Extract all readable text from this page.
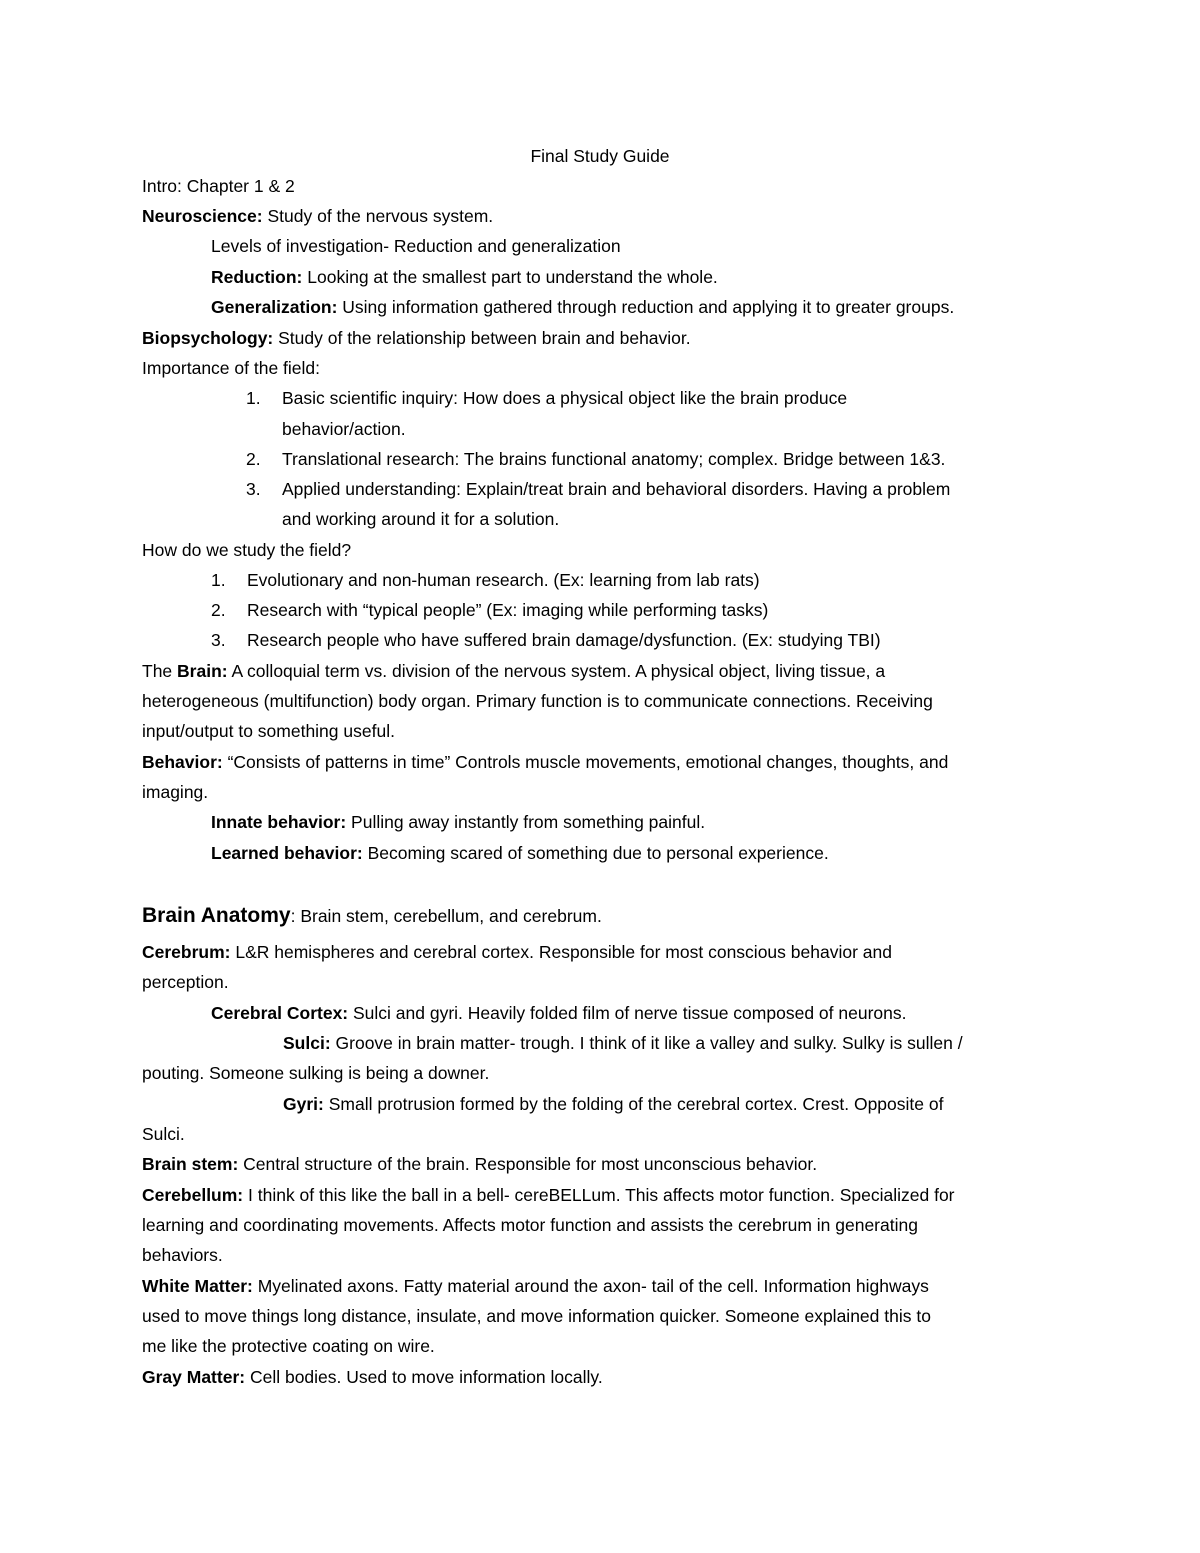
Final Study Guide
Intro: Chapter 1 & 2
Neuroscience: Study of the nervous system.
Levels of investigation- Reduction and generalization
Reduction: Looking at the smallest part to understand the whole.
Generalization: Using information gathered through reduction and applying it to greater groups.
Biopsychology: Study of the relationship between brain and behavior.
Importance of the field:
1. Basic scientific inquiry: How does a physical object like the brain produce
behavior/action.
2. Translational research: The brains functional anatomy; complex. Bridge between 1&3.
3. Applied understanding: Explain/treat brain and behavioral disorders. Having a problem
and working around it for a solution.
How do we study the field?
1. Evolutionary and non-human research. (Ex: learning from lab rats)
2. Research with “typical people” (Ex: imaging while performing tasks)
3. Research people who have suffered brain damage/dysfunction. (Ex: studying TBI)
The Brain: A colloquial term vs. division of the nervous system. A physical object, living tissue, a
heterogeneous (multifunction) body organ. Primary function is to communicate connections. Receiving
input/output to something useful.
Behavior: “Consists of patterns in time” Controls muscle movements, emotional changes, thoughts, and
imaging.
Innate behavior: Pulling away instantly from something painful.
Learned behavior: Becoming scared of something due to personal experience.
Brain Anatomy: Brain stem, cerebellum, and cerebrum.
Cerebrum: L&R hemispheres and cerebral cortex. Responsible for most conscious behavior and
perception.
Cerebral Cortex: Sulci and gyri. Heavily folded film of nerve tissue composed of neurons.
Sulci: Groove in brain matter- trough. I think of it like a valley and sulky. Sulky is sullen /
pouting. Someone sulking is being a downer.
Gyri: Small protrusion formed by the folding of the cerebral cortex. Crest. Opposite of
Sulci.
Brain stem: Central structure of the brain. Responsible for most unconscious behavior.
Cerebellum: I think of this like the ball in a bell- cereBELLum. This affects motor function. Specialized for
learning and coordinating movements. Affects motor function and assists the cerebrum in generating
behaviors.
White Matter: Myelinated axons. Fatty material around the axon- tail of the cell. Information highways
used to move things long distance, insulate, and move information quicker. Someone explained this to
me like the protective coating on wire.
Gray Matter: Cell bodies. Used to move information locally.
